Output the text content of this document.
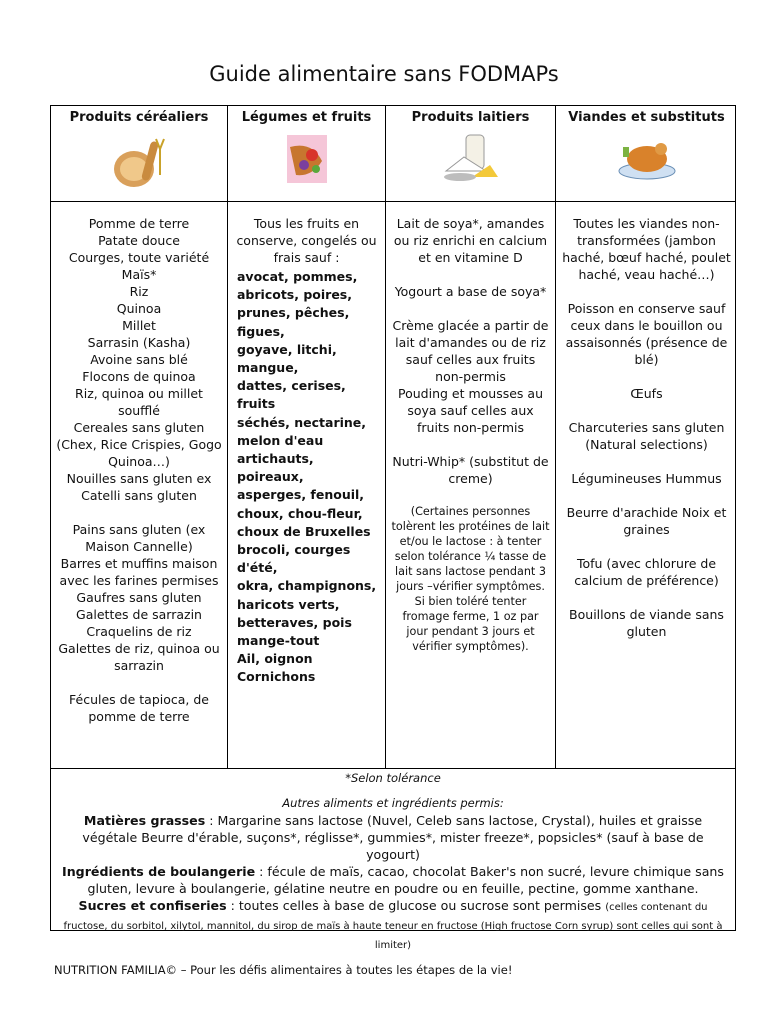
Guide alimentaire sans FODMAPs
Produits céréaliers
Pomme de terre
Patate douce
Courges, toute variété
Maïs*
Riz
Quinoa
Millet
Sarrasin (Kasha)
Avoine sans blé
Flocons de quinoa
Riz, quinoa ou millet soufflé
Cereales sans gluten (Chex, Rice Crispies, Gogo Quinoa…)
Nouilles sans gluten ex Catelli sans gluten
Pains sans gluten (ex Maison Cannelle)
Barres et muffins maison avec les farines permises
Gaufres sans gluten
Galettes de sarrazin
Craquelins de riz
Galettes de riz, quinoa ou sarrazin
Fécules de tapioca, de pomme de terre
Légumes et fruits
Tous les fruits en conserve, congelés ou frais sauf :
avocat, pommes,
abricots, poires,
prunes, pêches, figues,
goyave, litchi, mangue,
dattes, cerises, fruits
séchés, nectarine,
melon d'eau
artichauts, poireaux,
asperges, fenouil,
choux, chou-fleur,
choux de Bruxelles
brocoli, courges d'été,
okra, champignons,
haricots verts,
betteraves, pois
mange-tout
Ail, oignon
Cornichons
Produits laitiers
Lait de soya*, amandes ou riz enrichi en calcium et en vitamine D
Yogourt a base de soya*
Crème glacée a partir de lait d'amandes ou de riz sauf celles aux fruits non-permis
Pouding et mousses au soya sauf celles aux fruits non-permis
Nutri-Whip* (substitut de creme)
(Certaines personnes tolèrent les protéines de lait et/ou le lactose : à tenter selon tolérance ¼ tasse de lait sans lactose pendant 3 jours –vérifier symptômes. Si bien toléré tenter fromage ferme, 1 oz par jour pendant 3 jours et vérifier symptômes).
Viandes et substituts
Toutes les viandes non-transformées (jambon haché, bœuf haché, poulet haché, veau haché…)
Poisson en conserve sauf ceux dans le bouillon ou assaisonnés (présence de blé)
Œufs
Charcuteries sans gluten (Natural selections)
Légumineuses Hummus
Beurre d'arachide Noix et graines
Tofu (avec chlorure de calcium de préférence)
Bouillons de viande sans gluten
*Selon tolérance
Autres aliments et ingrédients permis:
Matières grasses : Margarine sans lactose (Nuvel, Celeb sans lactose, Crystal), huiles et graisse végétale Beurre d'érable, suçons*, réglisse*, gummies*, mister freeze*, popsicles* (sauf à base de yogourt)
Ingrédients de boulangerie : fécule de maïs, cacao, chocolat Baker's non sucré, levure chimique sans gluten, levure à boulangerie, gélatine neutre en poudre ou en feuille, pectine, gomme xanthane.
Sucres et confiseries : toutes celles à base de glucose ou sucrose sont permises (celles contenant du fructose, du sorbitol, xilytol, mannitol, du sirop de maïs à haute teneur en fructose (High fructose Corn syrup) sont celles qui sont à limiter)
NUTRITION FAMILIA© – Pour les défis alimentaires à toutes les étapes de la vie!
